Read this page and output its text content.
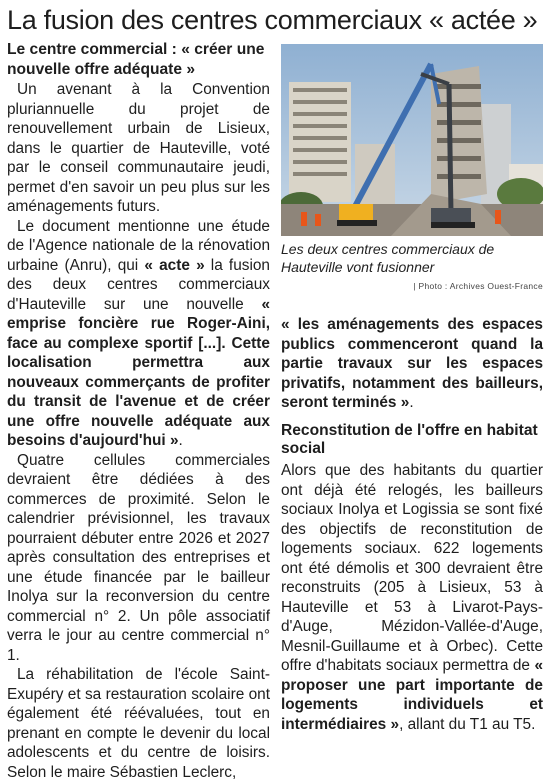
La fusion des centres commerciaux « actée »
Le centre commercial : « créer une nouvelle offre adéquate »

Un avenant à la Convention pluriannuelle du projet de renouvellement urbain de Lisieux, dans le quartier de Hauteville, voté par le conseil communautaire jeudi, permet d'en savoir un peu plus sur les aménagements futurs.

Le document mentionne une étude de l'Agence nationale de la rénovation urbaine (Anru), qui « acte » la fusion des deux centres commerciaux d'Hauteville sur une nouvelle « emprise foncière rue Roger-Aini, face au complexe sportif [...]. Cette localisation permettra aux nouveaux commerçants de profiter du transit de l'avenue et de créer une offre nouvelle adéquate aux besoins d'aujourd'hui ».

Quatre cellules commerciales devraient être dédiées à des commerces de proximité. Selon le calendrier prévisionnel, les travaux pourraient débuter entre 2026 et 2027 après consultation des entreprises et une étude financée par le bailleur Inolya sur la reconversion du centre commercial n° 2. Un pôle associatif verra le jour au centre commercial n° 1.

La réhabilitation de l'école Saint-Exupéry et sa restauration scolaire ont également été réévaluées, tout en prenant en compte le devenir du local adolescents et du centre de loisirs. Selon le maire Sébastien Leclerc,

Les deux centres commerciaux de Hauteville vont fusionner
| Photo : Archives Ouest-France

« les aménagements des espaces publics commenceront quand la partie travaux sur les espaces privatifs, notamment des bailleurs, seront terminés ».

Reconstitution de l'offre en habitat social

Alors que des habitants du quartier ont déjà été relogés, les bailleurs sociaux Inolya et Logissia se sont fixé des objectifs de reconstitution de logements sociaux. 622 logements ont été démolis et 300 devraient être reconstruits (205 à Lisieux, 53 à Hauteville et 53 à Livarot-Pays-d'Auge, Mézidon-Vallée-d'Auge, Mesnil-Guillaume et à Orbec). Cette offre d'habitats sociaux permettra de « proposer une part importante de logements individuels et intermédiaires », allant du T1 au T5.
